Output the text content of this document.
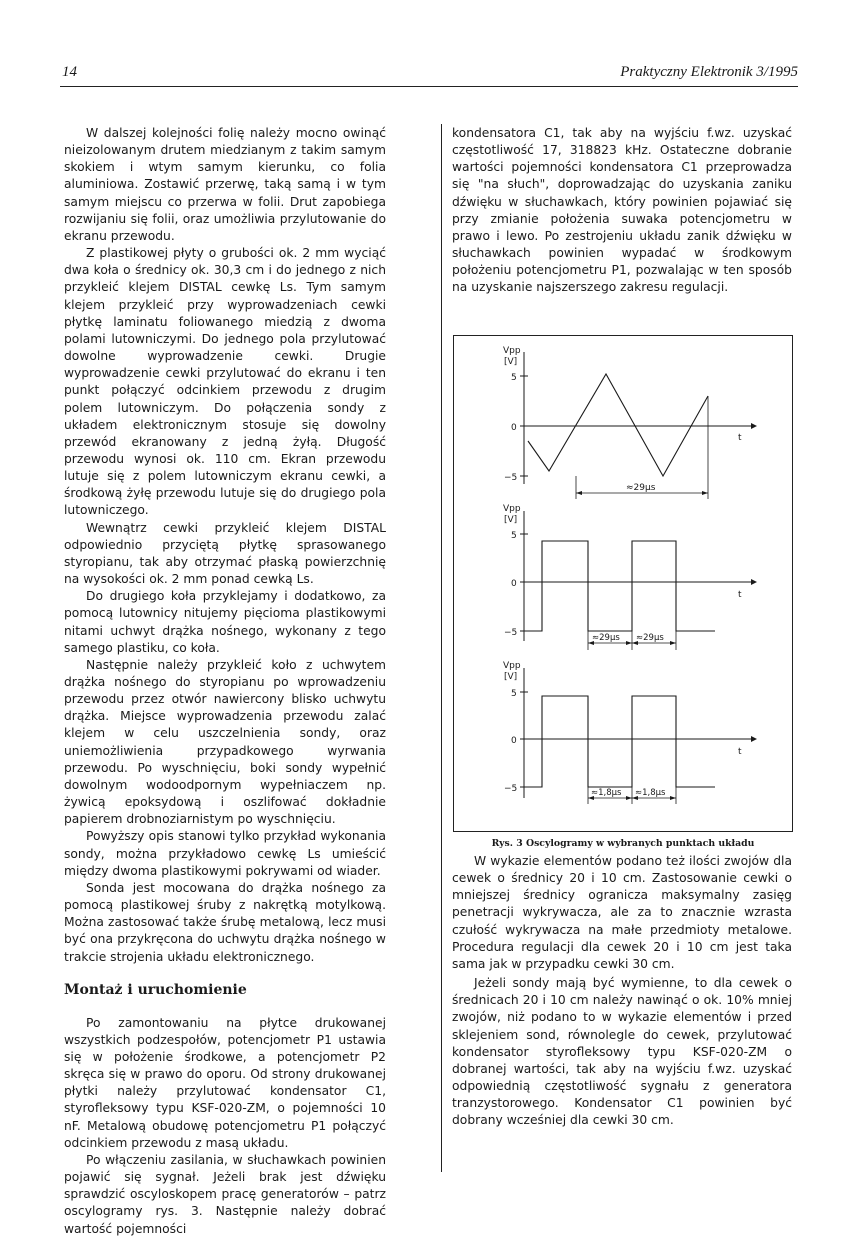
14	Praktyczny Elektronik 3/1995

W dalszej kolejności folię należy mocno owinąć nieizolowanym drutem miedzianym z takim samym skokiem i wtym samym kierunku, co folia aluminiowa. Zostawić przerwę, taką samą i w tym samym miejscu co przerwa w folii. Drut zapobiega rozwijaniu się folii, oraz umożliwia przylutowanie do ekranu przewodu.

Z plastikowej płyty o grubości ok. 2 mm wyciąć dwa koła o średnicy ok. 30,3 cm i do jednego z nich przykleić klejem DISTAL cewkę Ls. Tym samym klejem przykleić przy wyprowadzeniach cewki płytkę laminatu foliowanego miedzią z dwoma polami lutowniczymi. Do jednego pola przylutować dowolne wyprowadzenie cewki. Drugie wyprowadzenie cewki przylutować do ekranu i ten punkt połączyć odcinkiem przewodu z drugim polem lutowniczym. Do połączenia sondy z układem elektronicznym stosuje się dowolny przewód ekranowany z jedną żyłą. Długość przewodu wynosi ok. 110 cm. Ekran przewodu lutuje się z polem lutowniczym ekranu cewki, a środkową żyłę przewodu lutuje się do drugiego pola lutowniczego.

Wewnątrz cewki przykleić klejem DISTAL odpowiednio przyciętą płytkę sprasowanego styropianu, tak aby otrzymać płaską powierzchnię na wysokości ok. 2 mm ponad cewką Ls.

Do drugiego koła przyklejamy i dodatkowo, za pomocą lutownicy nitujemy pięcioma plastikowymi nitami uchwyt drążka nośnego, wykonany z tego samego plastiku, co koła.

Następnie należy przykleić koło z uchwytem drążka nośnego do styropianu po wprowadzeniu przewodu przez otwór nawiercony blisko uchwytu drążka. Miejsce wyprowadzenia przewodu zalać klejem w celu uszczelnienia sondy, oraz uniemożliwienia przypadkowego wyrwania przewodu. Po wyschnięciu, boki sondy wypełnić dowolnym wodoodpornym wypełniaczem np. żywicą epoksydową i oszlifować dokładnie papierem drobnoziarnistym po wyschnięciu.

Powyższy opis stanowi tylko przykład wykonania sondy, można przykładowo cewkę Ls umieścić między dwoma plastikowymi pokrywami od wiader.

Sonda jest mocowana do drążka nośnego za pomocą plastikowej śruby z nakrętką motylkową. Można zastosować także śrubę metalową, lecz musi być ona przykręcona do uchwytu drążka nośnego w trakcie strojenia układu elektronicznego.

Montaż i uruchomienie

Po zamontowaniu na płytce drukowanej wszystkich podzespołów, potencjometr P1 ustawia się w położenie środkowe, a potencjometr P2 skręca się w prawo do oporu. Od strony drukowanej płytki należy przylutować kondensator C1, styrofleksowy typu KSF-020-ZM, o pojemności 10 nF. Metalową obudowę potencjometru P1 połączyć odcinkiem przewodu z masą układu.

Po włączeniu zasilania, w słuchawkach powinien pojawić się sygnał. Jeżeli brak jest dźwięku sprawdzić oscyloskopem pracę generatorów – patrz oscylogramy rys. 3. Następnie należy dobrać wartość pojemności

kondensatora C1, tak aby na wyjściu f.wz. uzyskać częstotliwość 17, 318823 kHz. Ostateczne dobranie wartości pojemności kondensatora C1 przeprowadza się "na słuch", doprowadzając do uzyskania zaniku dźwięku w słuchawkach, który powinien pojawiać się przy zmianie położenia suwaka potencjometru w prawo i lewo. Po zestrojeniu układu zanik dźwięku w słuchawkach powinien wypadać w środkowym położeniu potencjometru P1, pozwalając w ten sposób na uzyskanie najszerszego zakresu regulacji.

Vpp
[V]
5
0
−5
t
≈29μs
Vpp
[V]
5
0
−5
t
≈29μs ≈29μs
Vpp
[V]
5
0
−5
t
≈1,8μs ≈1,8μs
Rys. 3 Oscylogramy w wybranych punktach układu

W wykazie elementów podano też ilości zwojów dla cewek o średnicy 20 i 10 cm. Zastosowanie cewki o mniejszej średnicy ogranicza maksymalny zasięg penetracji wykrywacza, ale za to znacznie wzrasta czułość wykrywacza na małe przedmioty metalowe. Procedura regulacji dla cewek 20 i 10 cm jest taka sama jak w przypadku cewki 30 cm.

Jeżeli sondy mają być wymienne, to dla cewek o średnicach 20 i 10 cm należy nawinąć o ok. 10% mniej zwojów, niż podano to w wykazie elementów i przed sklejeniem sond, równolegle do cewek, przylutować kondensator styrofleksowy typu KSF-020-ZM o dobranej wartości, tak aby na wyjściu f.wz. uzyskać odpowiednią częstotliwość sygnału z generatora tranzystorowego. Kondensator C1 powinien być dobrany wcześniej dla cewki 30 cm.
